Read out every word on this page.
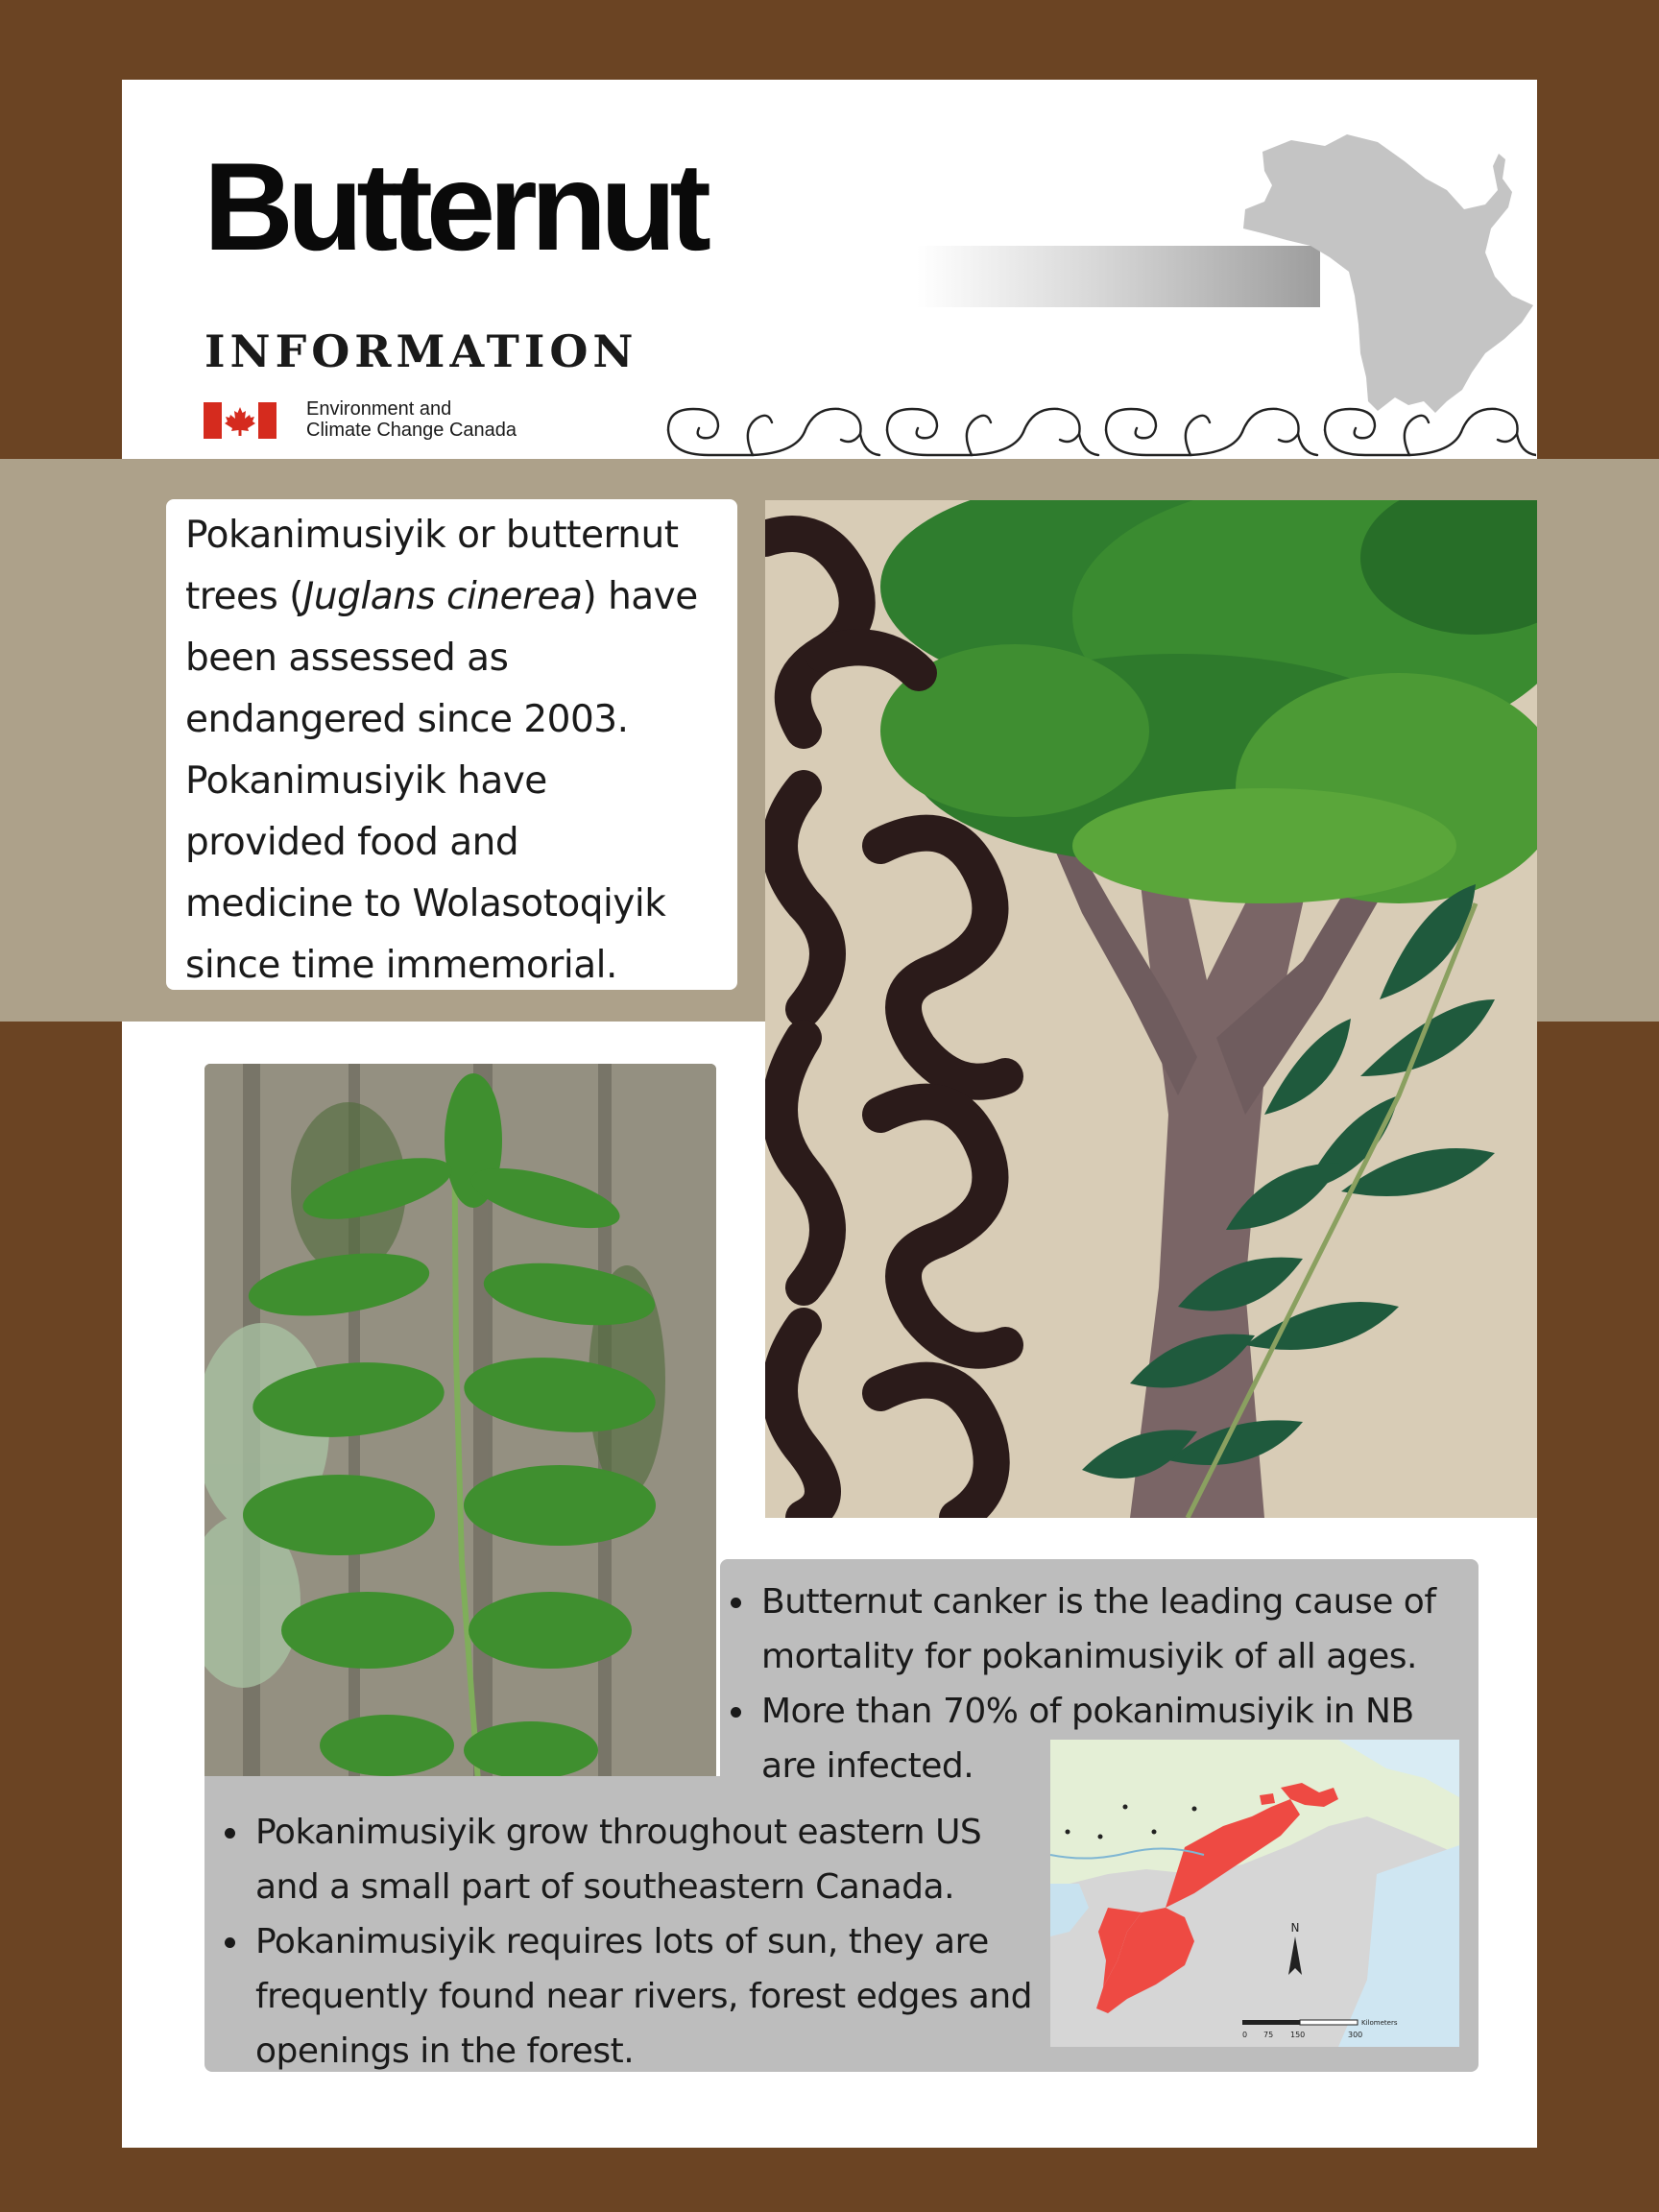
Butternut
INFORMATION
Environment and
Climate Change Canada
Pokanimusiyik or butternut
trees (Juglans cinerea) have
been assessed as
endangered since 2003.
Pokanimusiyik have
provided food and
medicine to Wolasotoqiyik
since time immemorial.
Butternut canker is the leading cause of
mortality for pokanimusiyik of all ages.
More than 70% of pokanimusiyik in NB
are infected.
Pokanimusiyik grow throughout eastern US
and a small part of southeastern Canada.
Pokanimusiyik requires lots of sun, they are
frequently found near rivers, forest edges and
openings in the forest.
N
0 75 150	300
Kilometers
